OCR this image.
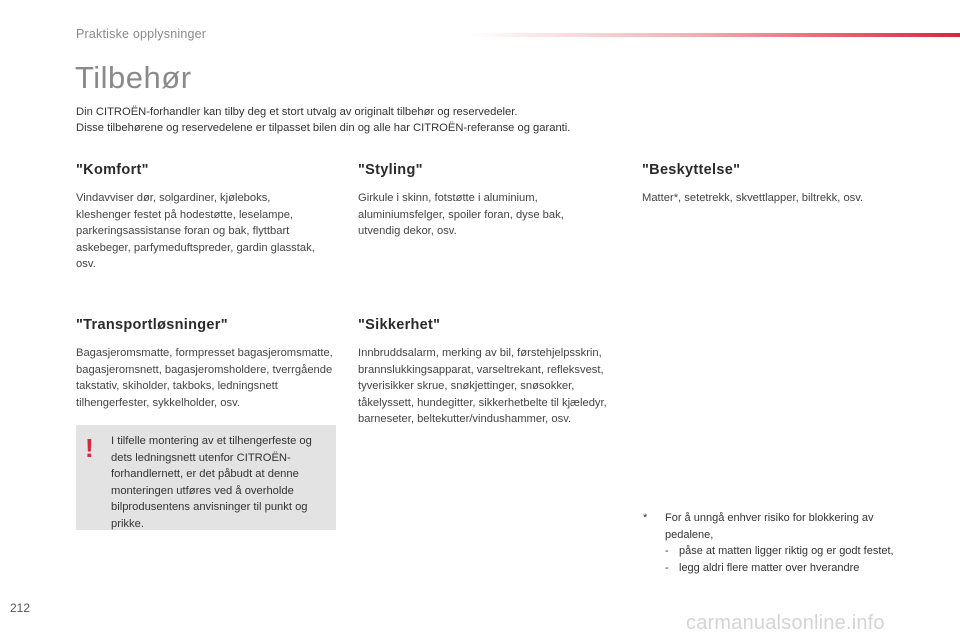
Praktiske opplysninger
Tilbehør

Din CITROËN-forhandler kan tilby deg et stort utvalg av originalt tilbehør og reservedeler.

Disse tilbehørene og reservedelene er tilpasset bilen din og alle har CITROËN-referanse og garanti.

"Komfort"

Vindavviser dør, solgardiner, kjøleboks, kleshenger festet på hodestøtte, leselampe, parkeringsassistanse foran og bak, flyttbart askebeger, parfymeduftspreder, gardin glasstak, osv.

"Styling"

Girkule i skinn, fotstøtte i aluminium, aluminiumsfelger, spoiler foran, dyse bak, utvendig dekor, osv.

"Beskyttelse"

Matter*, setetrekk, skvettlapper, biltrekk, osv.

"Transportløsninger"

Bagasjeromsmatte, formpresset bagasjeromsmatte, bagasjeromsnett, bagasjeromsholdere, tverrgående takstativ, skiholder, takboks, ledningsnett tilhengerfester, sykkelholder, osv.

"Sikkerhet"

Innbruddsalarm, merking av bil, førstehjelpsskrin, brannslukkingsapparat, varseltrekant, refleksvest, tyverisikker skrue, snøkjettinger, snøsokker, tåkelyssett, hundegitter, sikkerhetbelte til kjæledyr, barneseter, beltekutter/vindushammer, osv.

! I tilfelle montering av et tilhengerfeste og dets ledningsnett utenfor CITROËN-forhandlernett, er det påbudt at denne monteringen utføres ved å overholde bilprodusentens anvisninger til punkt og prikke.	* For å unngå enhver risiko for blokkering av pedalene,

- påse at matten ligger riktig og er godt festet,
- legg aldri flere matter over hverandre
212
carmanualsonline.info
